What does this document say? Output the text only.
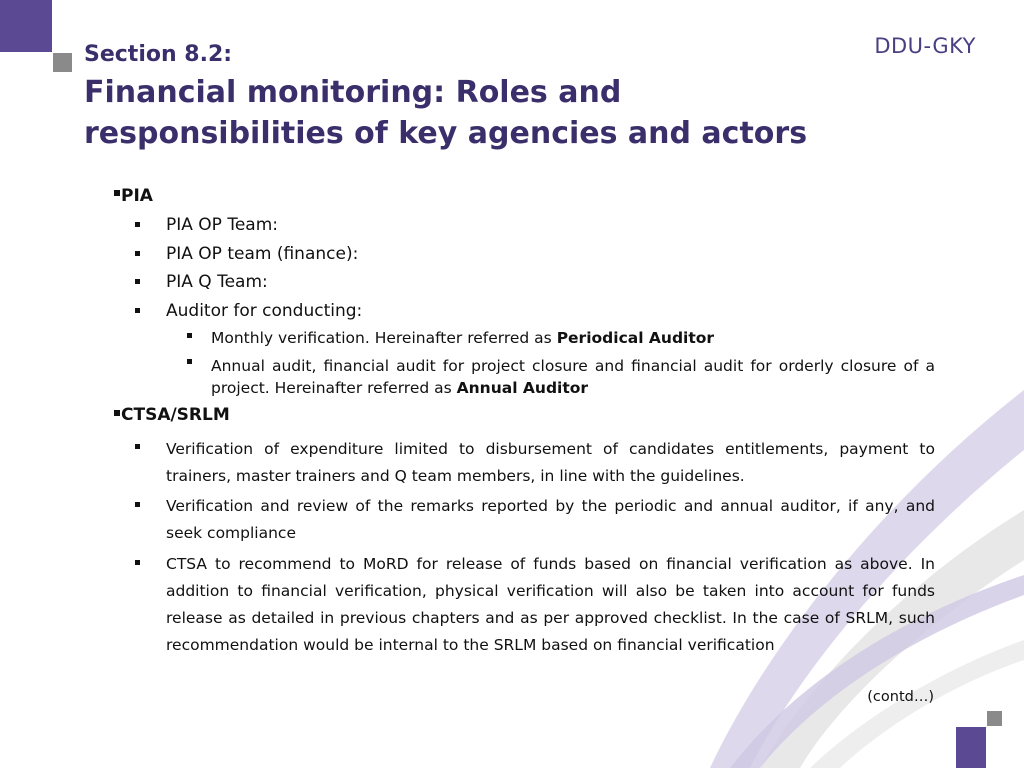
DDU-GKY
Section 8.2:
Financial monitoring: Roles and responsibilities of key agencies and actors
PIA
PIA OP Team:
PIA OP team (finance):
PIA Q Team:
Auditor for conducting:
Monthly verification. Hereinafter referred as Periodical Auditor
Annual audit, financial audit for project closure and financial audit for orderly closure of a project. Hereinafter referred as Annual Auditor
CTSA/SRLM
Verification of expenditure limited to disbursement of candidates entitlements, payment to trainers, master trainers and Q team members, in line with the guidelines.
Verification and review of the remarks reported by the periodic and annual auditor, if any, and seek compliance
CTSA to recommend to MoRD for release of funds based on financial verification as above. In addition to financial verification, physical verification will also be taken into account for funds release as detailed in previous chapters and as per approved checklist. In the case of SRLM, such recommendation would be internal to the SRLM based on financial verification
(contd…)
